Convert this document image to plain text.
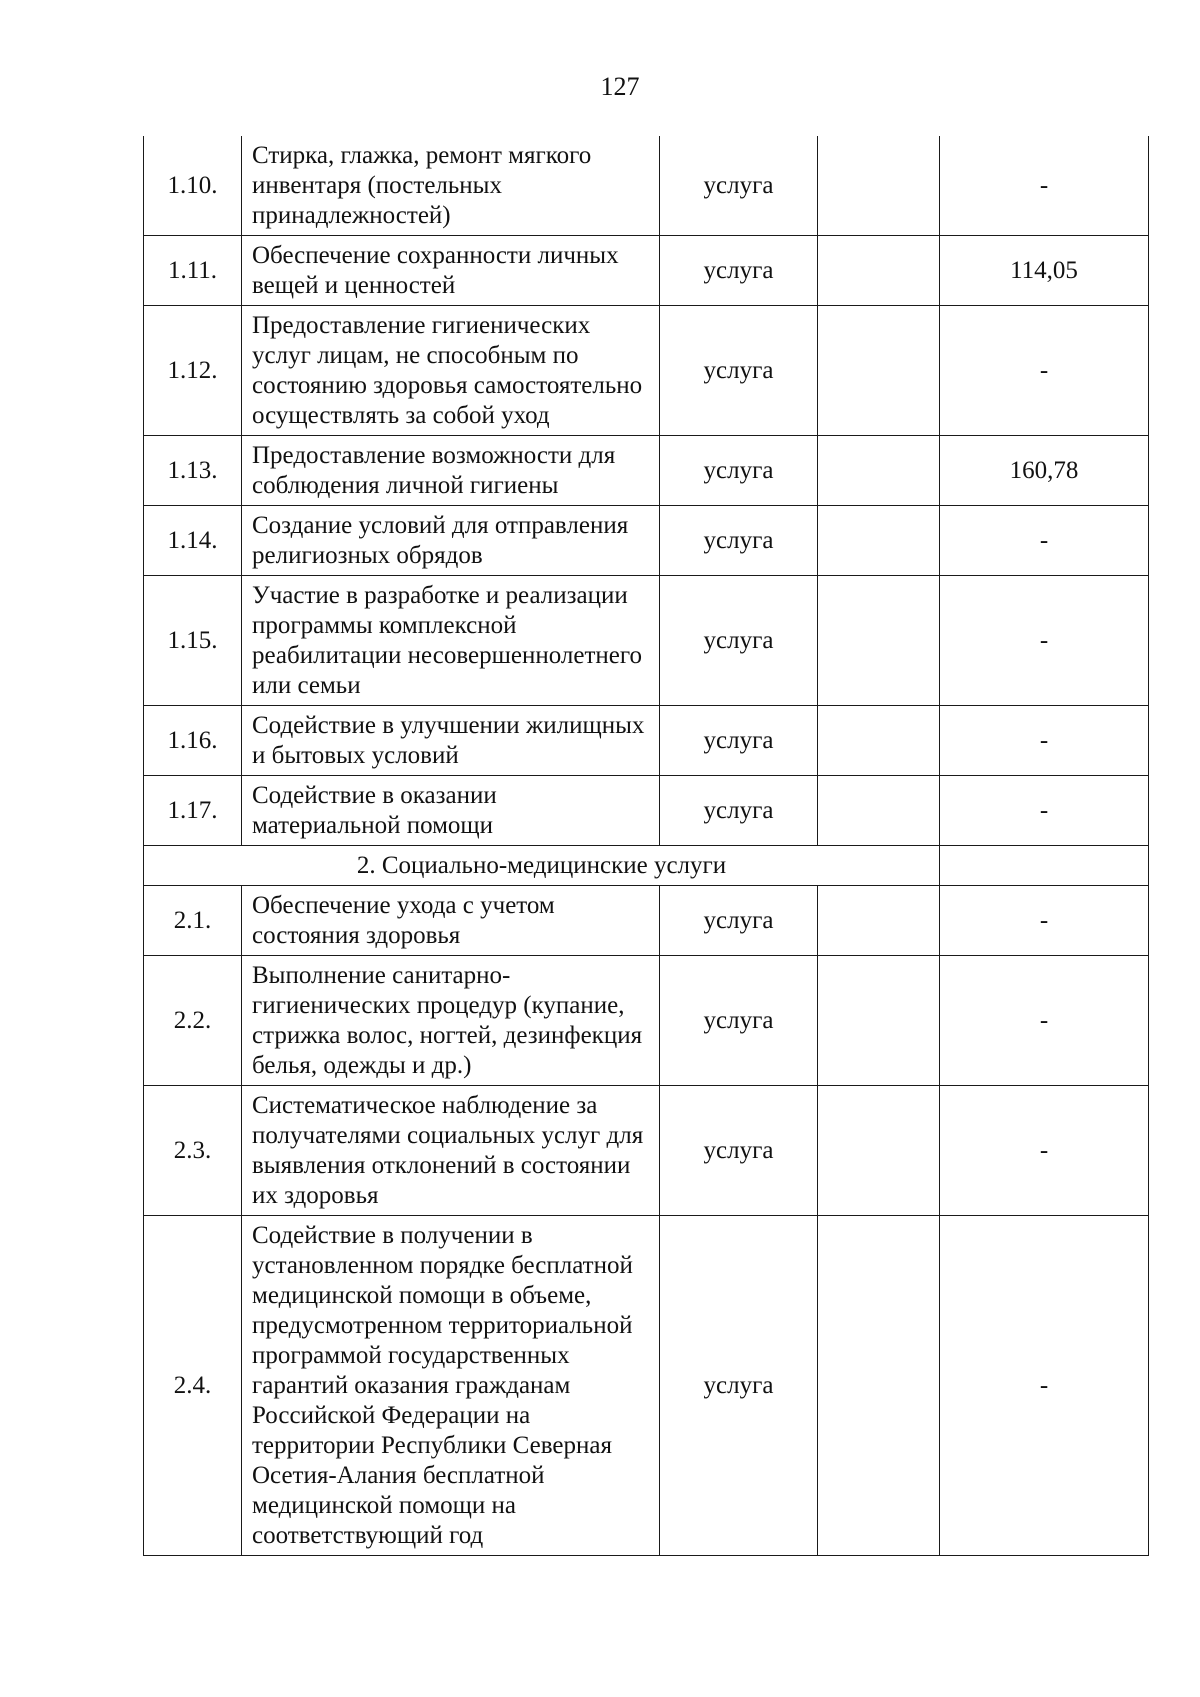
127
1.10.	Стирка, глажка, ремонт мягкого инвентаря (постельных принадлежностей)	услуга		-
1.11.	Обеспечение сохранности личных вещей и ценностей	услуга		114,05
1.12.	Предоставление гигиенических услуг лицам, не способным по состоянию здоровья самостоятельно осуществлять за собой уход	услуга		-
1.13.	Предоставление возможности для соблюдения личной гигиены	услуга		160,78
1.14.	Создание условий для отправления религиозных обрядов	услуга		-
1.15.	Участие в разработке и реализации программы комплексной реабилитации несовершеннолетнего или семьи	услуга		-
1.16.	Содействие в улучшении жилищных и бытовых условий	услуга		-
1.17.	Содействие в оказании материальной помощи	услуга		-
2. Социально-медицинские услуги				
2.1.	Обеспечение ухода с учетом состояния здоровья	услуга		-
2.2.	Выполнение санитарно-гигиенических процедур (купание, стрижка волос, ногтей, дезинфекция белья, одежды и др.)	услуга		-
2.3.	Систематическое наблюдение за получателями социальных услуг для выявления отклонений в состоянии их здоровья	услуга		-
2.4.	Содействие в получении в установленном порядке бесплатной медицинской помощи в объеме, предусмотренном территориальной программой государственных гарантий оказания гражданам Российской Федерации на территории Республики Северная Осетия-Алания бесплатной медицинской помощи на соответствующий год	услуга		-
